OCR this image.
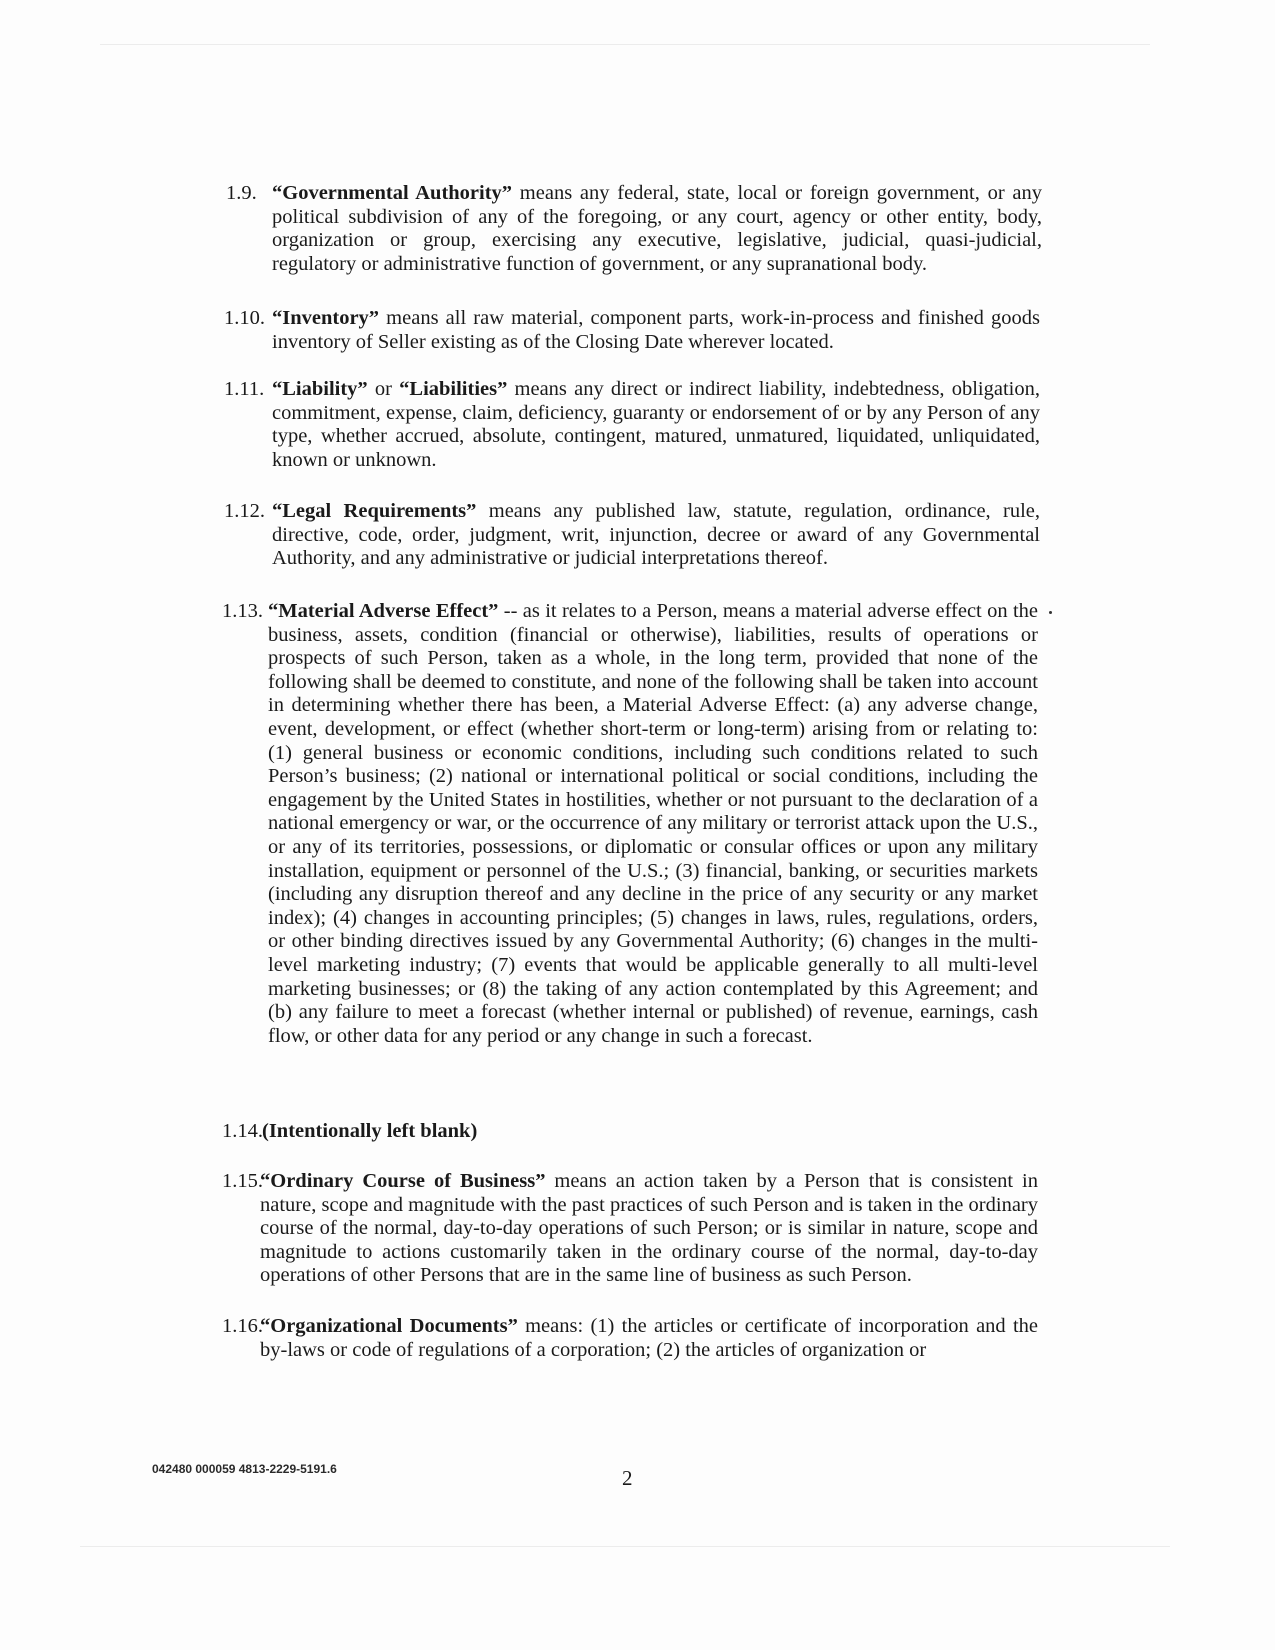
1.9. “Governmental Authority” means any federal, state, local or foreign government, or any political subdivision of any of the foregoing, or any court, agency or other entity, body, organization or group, exercising any executive, legislative, judicial, quasi-judicial, regulatory or administrative function of government, or any supranational body.
1.10. “Inventory” means all raw material, component parts, work-in-process and finished goods inventory of Seller existing as of the Closing Date wherever located.
1.11. “Liability” or “Liabilities” means any direct or indirect liability, indebtedness, obligation, commitment, expense, claim, deficiency, guaranty or endorsement of or by any Person of any type, whether accrued, absolute, contingent, matured, unmatured, liquidated, unliquidated, known or unknown.
1.12. “Legal Requirements” means any published law, statute, regulation, ordinance, rule, directive, code, order, judgment, writ, injunction, decree or award of any Governmental Authority, and any administrative or judicial interpretations thereof.
1.13. “Material Adverse Effect” -- as it relates to a Person, means a material adverse effect on the business, assets, condition (financial or otherwise), liabilities, results of operations or prospects of such Person, taken as a whole, in the long term, provided that none of the following shall be deemed to constitute, and none of the following shall be taken into account in determining whether there has been, a Material Adverse Effect: (a) any adverse change, event, development, or effect (whether short-term or long-term) arising from or relating to: (1) general business or economic conditions, including such conditions related to such Person’s business; (2) national or international political or social conditions, including the engagement by the United States in hostilities, whether or not pursuant to the declaration of a national emergency or war, or the occurrence of any military or terrorist attack upon the U.S., or any of its territories, possessions, or diplomatic or consular offices or upon any military installation, equipment or personnel of the U.S.; (3) financial, banking, or securities markets (including any disruption thereof and any decline in the price of any security or any market index); (4) changes in accounting principles; (5) changes in laws, rules, regulations, orders, or other binding directives issued by any Governmental Authority; (6) changes in the multi-level marketing industry; (7) events that would be applicable generally to all multi-level marketing businesses; or (8) the taking of any action contemplated by this Agreement; and (b) any failure to meet a forecast (whether internal or published) of revenue, earnings, cash flow, or other data for any period or any change in such a forecast.
1.14. (Intentionally left blank)
1.15.
“Ordinary Course of Business” means an action taken by a Person that is consistent in nature, scope and magnitude with the past practices of such Person and is taken in the ordinary course of the normal, day-to-day operations of such Person; or is similar in nature, scope and magnitude to actions customarily taken in the ordinary course of the normal, day-to-day operations of other Persons that are in the same line of business as such Person.
1.16.
“Organizational Documents” means: (1) the articles or certificate of incorporation and the by-laws or code of regulations of a corporation; (2) the articles of organization or
042480 000059 4813-2229-5191.6	2
